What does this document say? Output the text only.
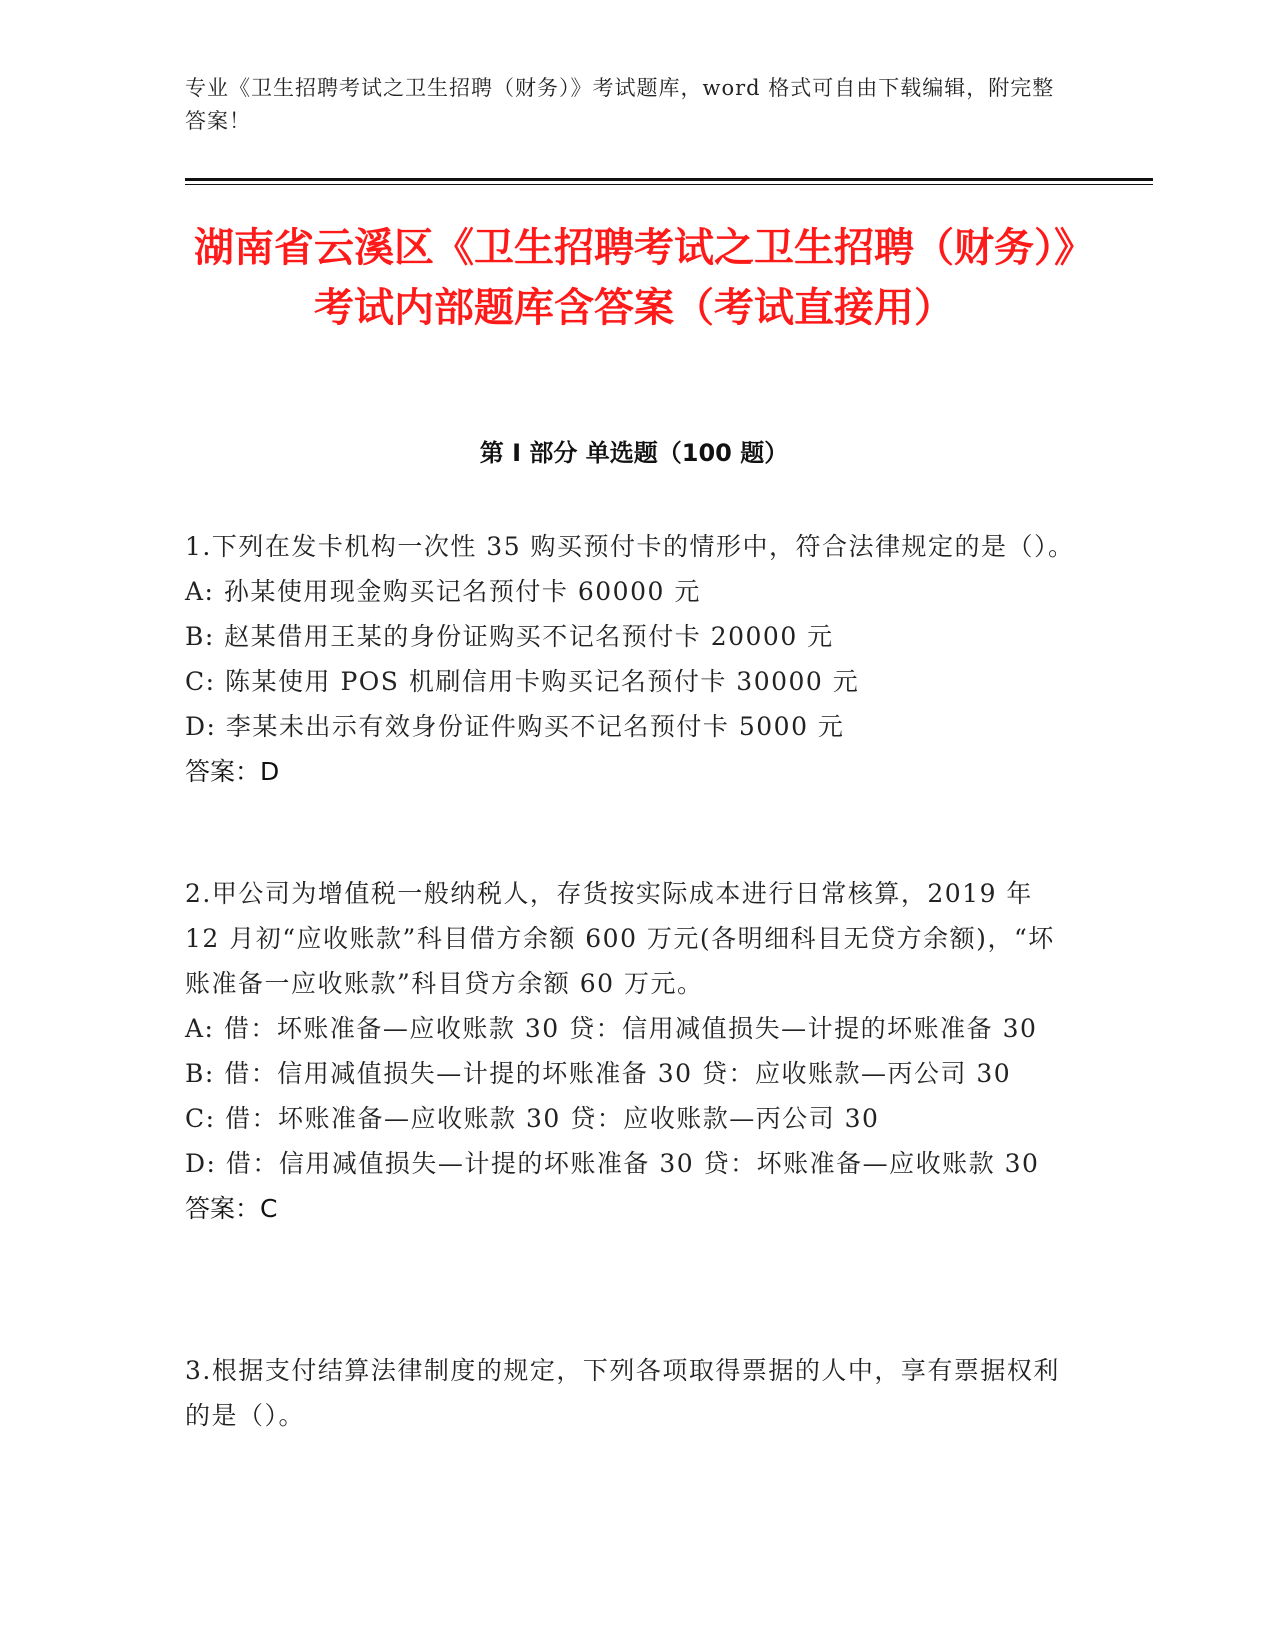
专业《卫生招聘考试之卫生招聘（财务）》考试题库，word 格式可自由下载编辑，附完整答案！
湖南省云溪区《卫生招聘考试之卫生招聘（财务）》考试内部题库含答案（考试直接用）
第 I 部分 单选题（100 题）

1.下列在发卡机构一次性 35 购买预付卡的情形中，符合法律规定的是（）。

A: 孙某使用现金购买记名预付卡 60000 元

B: 赵某借用王某的身份证购买不记名预付卡 20000 元

C: 陈某使用 POS 机刷信用卡购买记名预付卡 30000 元

D: 李某未出示有效身份证件购买不记名预付卡 5000 元

答案：D

2.甲公司为增值税一般纳税人，存货按实际成本进行日常核算，2019 年 12 月初“应收账款”科目借方余额 600 万元(各明细科目无贷方余额)，“坏账准备一应收账款”科目贷方余额 60 万元。

A: 借：坏账准备—应收账款 30 贷：信用减值损失—计提的坏账准备 30

B: 借：信用减值损失—计提的坏账准备 30 贷：应收账款—丙公司 30

C: 借：坏账准备—应收账款 30 贷：应收账款—丙公司 30

D: 借：信用减值损失—计提的坏账准备 30 贷：坏账准备—应收账款 30

答案：C

3.根据支付结算法律制度的规定，下列各项取得票据的人中，享有票据权利的是（）。
